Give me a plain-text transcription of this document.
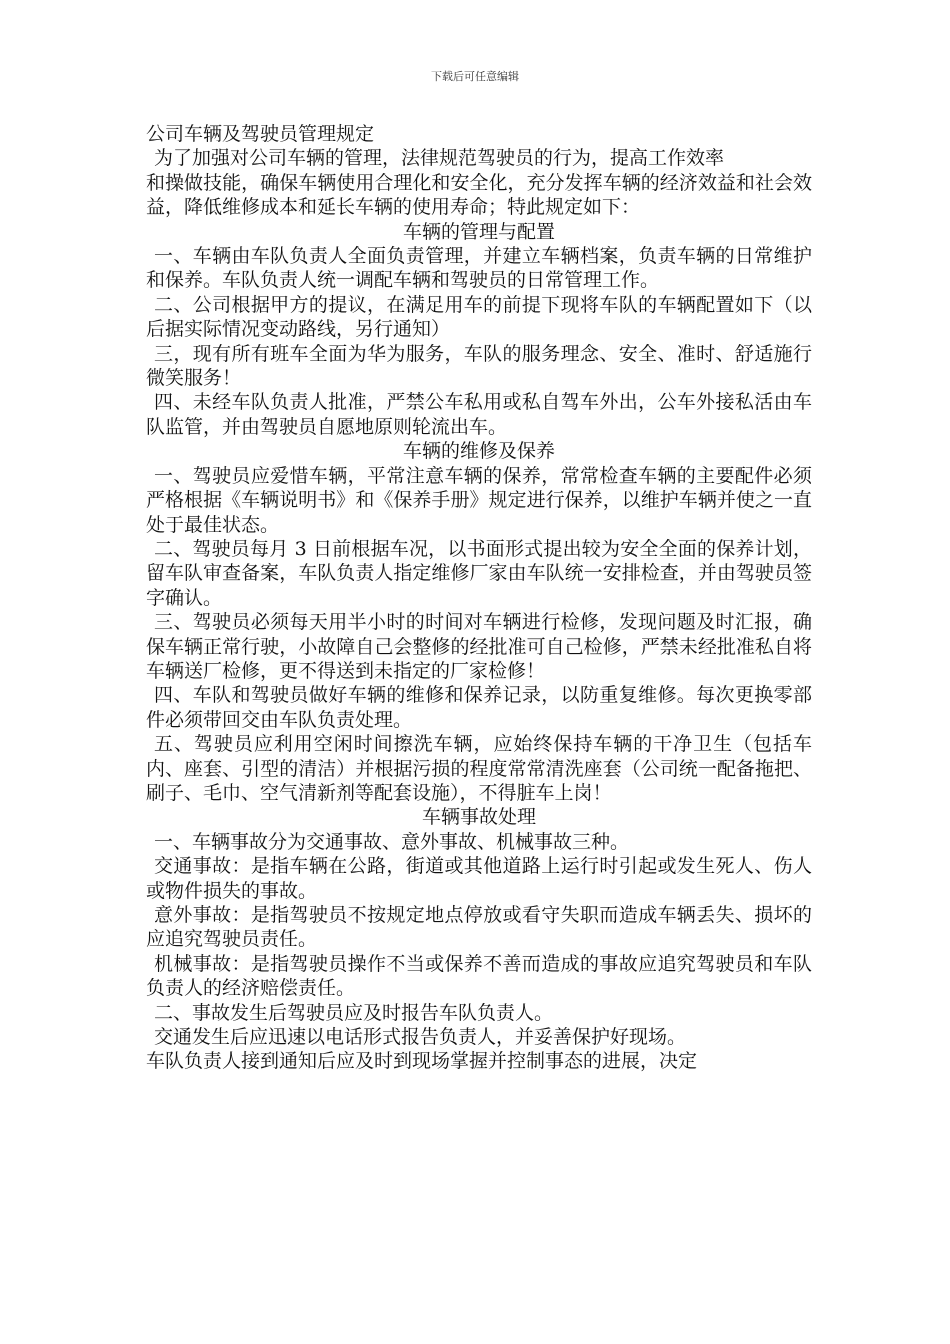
下载后可任意编辑

公司车辆及驾驶员管理规定

为了加强对公司车辆的管理，法律规范驾驶员的行为，提高工作效率

和操做技能，确保车辆使用合理化和安全化，充分发挥车辆的经济效益和社会效益，降低维修成本和延长车辆的使用寿命；特此规定如下：

车辆的管理与配置

一、车辆由车队负责人全面负责管理，并建立车辆档案，负责车辆的日常维护和保养。车队负责人统一调配车辆和驾驶员的日常管理工作。

二、公司根据甲方的提议，在满足用车的前提下现将车队的车辆配置如下（以后据实际情况变动路线，另行通知）

三，现有所有班车全面为华为服务，车队的服务理念、安全、准时、舒适施行微笑服务！

四、未经车队负责人批准，严禁公车私用或私自驾车外出，公车外接私活由车队监管，并由驾驶员自愿地原则轮流出车。

车辆的维修及保养

一、驾驶员应爱惜车辆，平常注意车辆的保养，常常检查车辆的主要配件必须严格根据《车辆说明书》和《保养手册》规定进行保养，以维护车辆并使之一直处于最佳状态。

二、驾驶员每月 3 日前根据车况，以书面形式提出较为安全全面的保养计划，留车队审查备案，车队负责人指定维修厂家由车队统一安排检查，并由驾驶员签字确认。

三、驾驶员必须每天用半小时的时间对车辆进行检修，发现问题及时汇报，确保车辆正常行驶，小故障自己会整修的经批准可自己检修，严禁未经批准私自将车辆送厂检修，更不得送到未指定的厂家检修！

四、车队和驾驶员做好车辆的维修和保养记录，以防重复维修。每次更换零部件必须带回交由车队负责处理。

五、驾驶员应利用空闲时间擦洗车辆，应始终保持车辆的干净卫生（包括车内、座套、引型的清洁）并根据污损的程度常常清洗座套（公司统一配备拖把、刷子、毛巾、空气清新剂等配套设施），不得脏车上岗！

车辆事故处理

一、车辆事故分为交通事故、意外事故、机械事故三种。

交通事故：是指车辆在公路，街道或其他道路上运行时引起或发生死人、伤人或物件损失的事故。

意外事故：是指驾驶员不按规定地点停放或看守失职而造成车辆丢失、损坏的应追究驾驶员责任。

机械事故：是指驾驶员操作不当或保养不善而造成的事故应追究驾驶员和车队负责人的经济赔偿责任。

二、事故发生后驾驶员应及时报告车队负责人。

交通发生后应迅速以电话形式报告负责人，并妥善保护好现场。

车队负责人接到通知后应及时到现场掌握并控制事态的进展，决定
